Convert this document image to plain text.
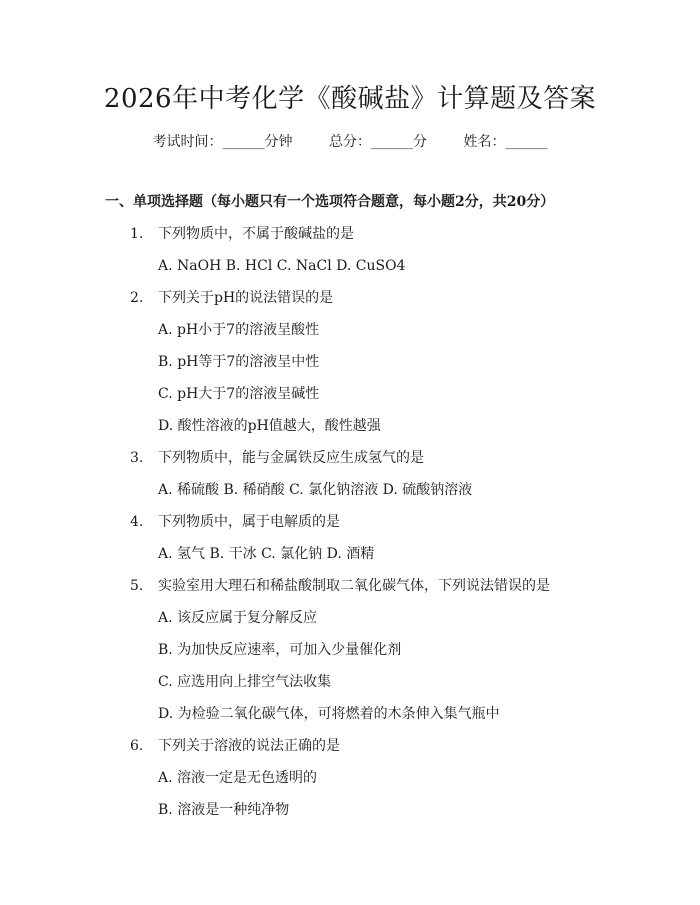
2026年中考化学《酸碱盐》计算题及答案
考试时间：______分钟	总分：______分	姓名：______
一、单项选择题（每小题只有一个选项符合题意，每小题2分，共20分）
1. 下列物质中，不属于酸碱盐的是
A. NaOH B. HCl C. NaCl D. CuSO4
2. 下列关于pH的说法错误的是
A. pH小于7的溶液呈酸性
B. pH等于7的溶液呈中性
C. pH大于7的溶液呈碱性
D. 酸性溶液的pH值越大，酸性越强
3. 下列物质中，能与金属铁反应生成氢气的是
A. 稀硫酸 B. 稀硝酸 C. 氯化钠溶液 D. 硫酸钠溶液
4. 下列物质中，属于电解质的是
A. 氢气 B. 干冰 C. 氯化钠 D. 酒精
5. 实验室用大理石和稀盐酸制取二氧化碳气体，下列说法错误的是
A. 该反应属于复分解反应
B. 为加快反应速率，可加入少量催化剂
C. 应选用向上排空气法收集
D. 为检验二氧化碳气体，可将燃着的木条伸入集气瓶中
6. 下列关于溶液的说法正确的是
A. 溶液一定是无色透明的
B. 溶液是一种纯净物
